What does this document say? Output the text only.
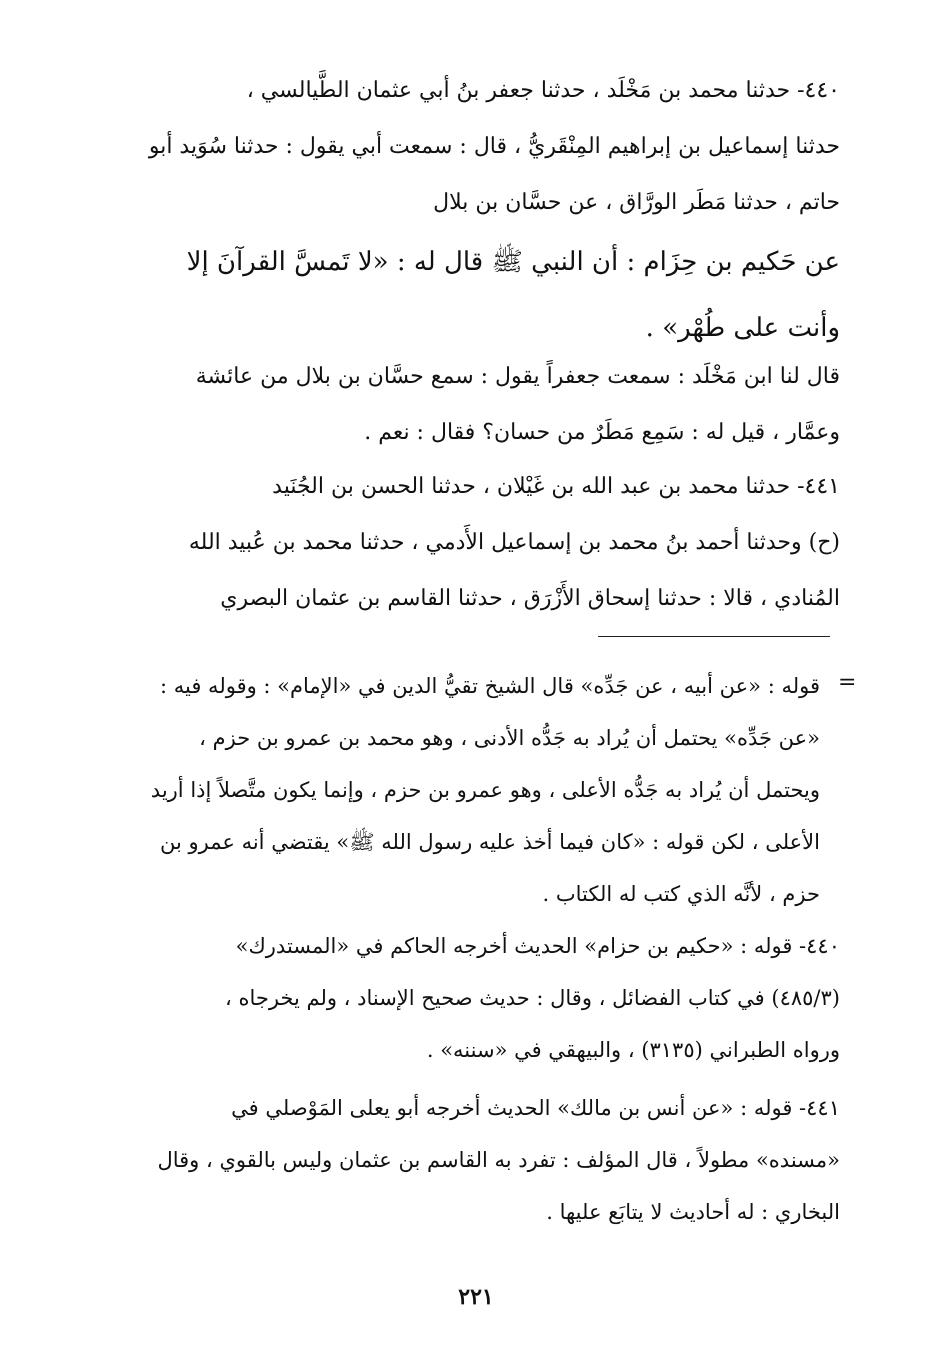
٤٤٠- حدثنا محمد بن مَخْلَد ، حدثنا جعفر بنُ أبي عثمان الطَّيالسي ،
حدثنا إسماعيل بن إبراهيم المِنْقَريُّ ، قال : سمعت أبي يقول : حدثنا سُوَيد أبو
حاتم ، حدثنا مَطَر الورَّاق ، عن حسَّان بن بلال
عن حَكيم بن حِزَام : أن النبي ﷺ قال له : «لا تَمسَّ القرآنَ إلا
وأنت على طُهْر» .
قال لنا ابن مَخْلَد : سمعت جعفراً يقول : سمع حسَّان بن بلال من عائشة
وعمَّار ، قيل له : سَمِع مَطَرٌ من حسان؟ فقال : نعم .
٤٤١- حدثنا محمد بن عبد الله بن غَيْلان ، حدثنا الحسن بن الجُنَيد
(ح) وحدثنا أحمد بنُ محمد بن إسماعيل الأَدمي ، حدثنا محمد بن عُبيد الله
المُنادي ، قالا : حدثنا إسحاق الأَزْرَق ، حدثنا القاسم بن عثمان البصري
=
قوله : «عن أبيه ، عن جَدِّه» قال الشيخ تقيُّ الدين في «الإمام» : وقوله فيه :
«عن جَدِّه» يحتمل أن يُراد به جَدُّه الأدنى ، وهو محمد بن عمرو بن حزم ،
ويحتمل أن يُراد به جَدُّه الأعلى ، وهو عمرو بن حزم ، وإنما يكون متَّصلاً إذا أريد
الأعلى ، لكن قوله : «كان فيما أخذ عليه رسول الله ﷺ» يقتضي أنه عمرو بن
حزم ، لأنَّه الذي كتب له الكتاب .
٤٤٠- قوله : «حكيم بن حزام» الحديث أخرجه الحاكم في «المستدرك»
(٤٨٥/٣) في كتاب الفضائل ، وقال : حديث صحيح الإسناد ، ولم يخرجاه ،
ورواه الطبراني (٣١٣٥) ، والبيهقي في «سننه» .
٤٤١- قوله : «عن أنس بن مالك» الحديث أخرجه أبو يعلى المَوْصلي في
«مسنده» مطولاً ، قال المؤلف : تفرد به القاسم بن عثمان وليس بالقوي ، وقال
البخاري : له أحاديث لا يتابَع عليها .
٢٢١
